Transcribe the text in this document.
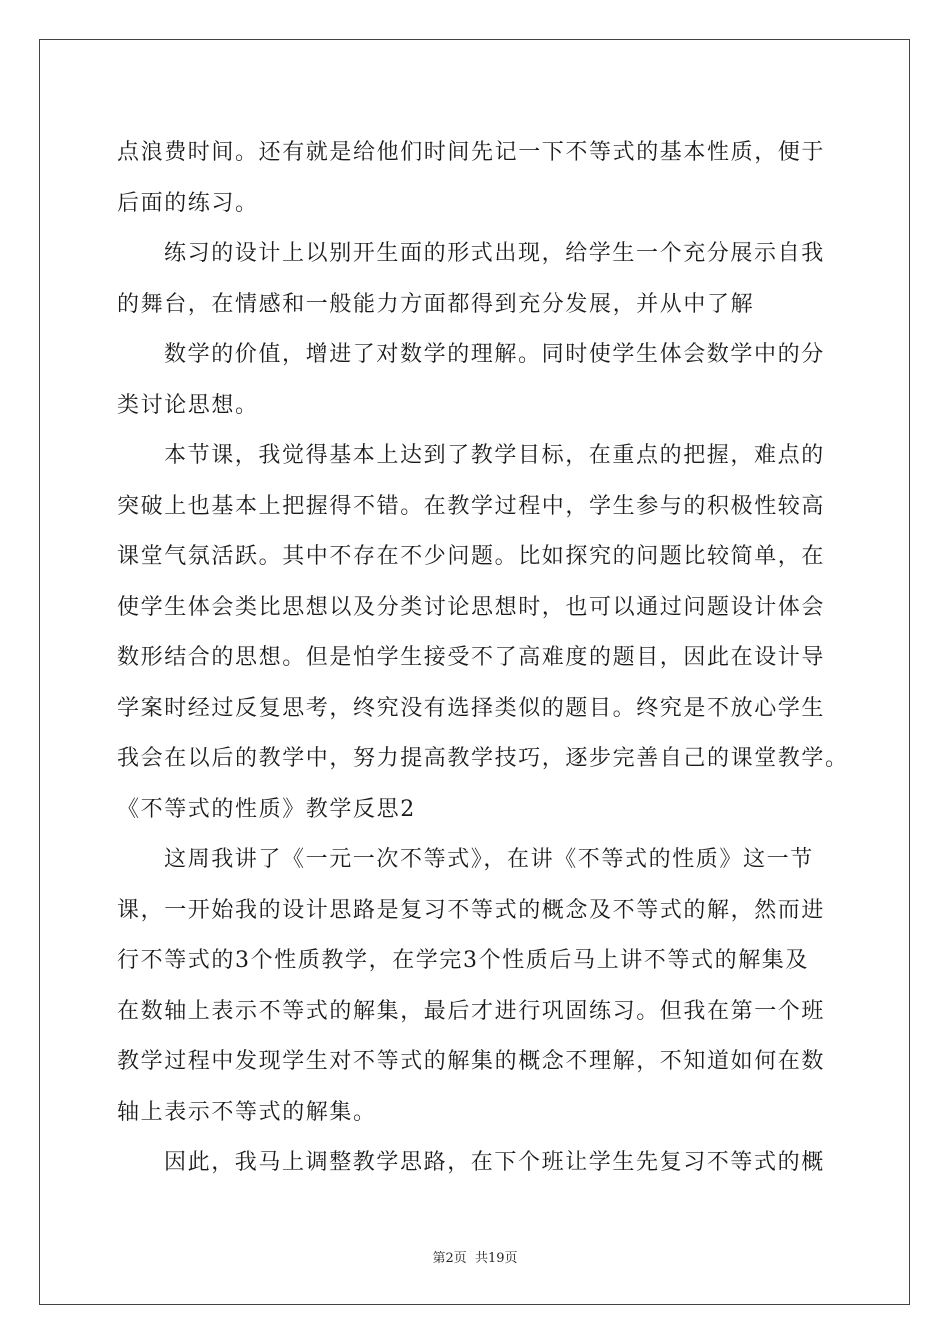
点浪费时间。还有就是给他们时间先记一下不等式的基本性质，便于
后面的练习。
练习的设计上以别开生面的形式出现，给学生一个充分展示自我
的舞台，在情感和一般能力方面都得到充分发展，并从中了解
数学的价值，增进了对数学的理解。同时使学生体会数学中的分
类讨论思想。
本节课，我觉得基本上达到了教学目标，在重点的把握，难点的
突破上也基本上把握得不错。在教学过程中，学生参与的积极性较高
课堂气氛活跃。其中不存在不少问题。比如探究的问题比较简单，在
使学生体会类比思想以及分类讨论思想时，也可以通过问题设计体会
数形结合的思想。但是怕学生接受不了高难度的题目，因此在设计导
学案时经过反复思考，终究没有选择类似的题目。终究是不放心学生
我会在以后的教学中，努力提高教学技巧，逐步完善自己的课堂教学。
《不等式的性质》教学反思2
这周我讲了《一元一次不等式》，在讲《不等式的性质》这一节
课，一开始我的设计思路是复习不等式的概念及不等式的解，然而进
行不等式的3个性质教学，在学完3个性质后马上讲不等式的解集及
在数轴上表示不等式的解集，最后才进行巩固练习。但我在第一个班
教学过程中发现学生对不等式的解集的概念不理解，不知道如何在数
轴上表示不等式的解集。
因此，我马上调整教学思路，在下个班让学生先复习不等式的概
第2页 共19页
